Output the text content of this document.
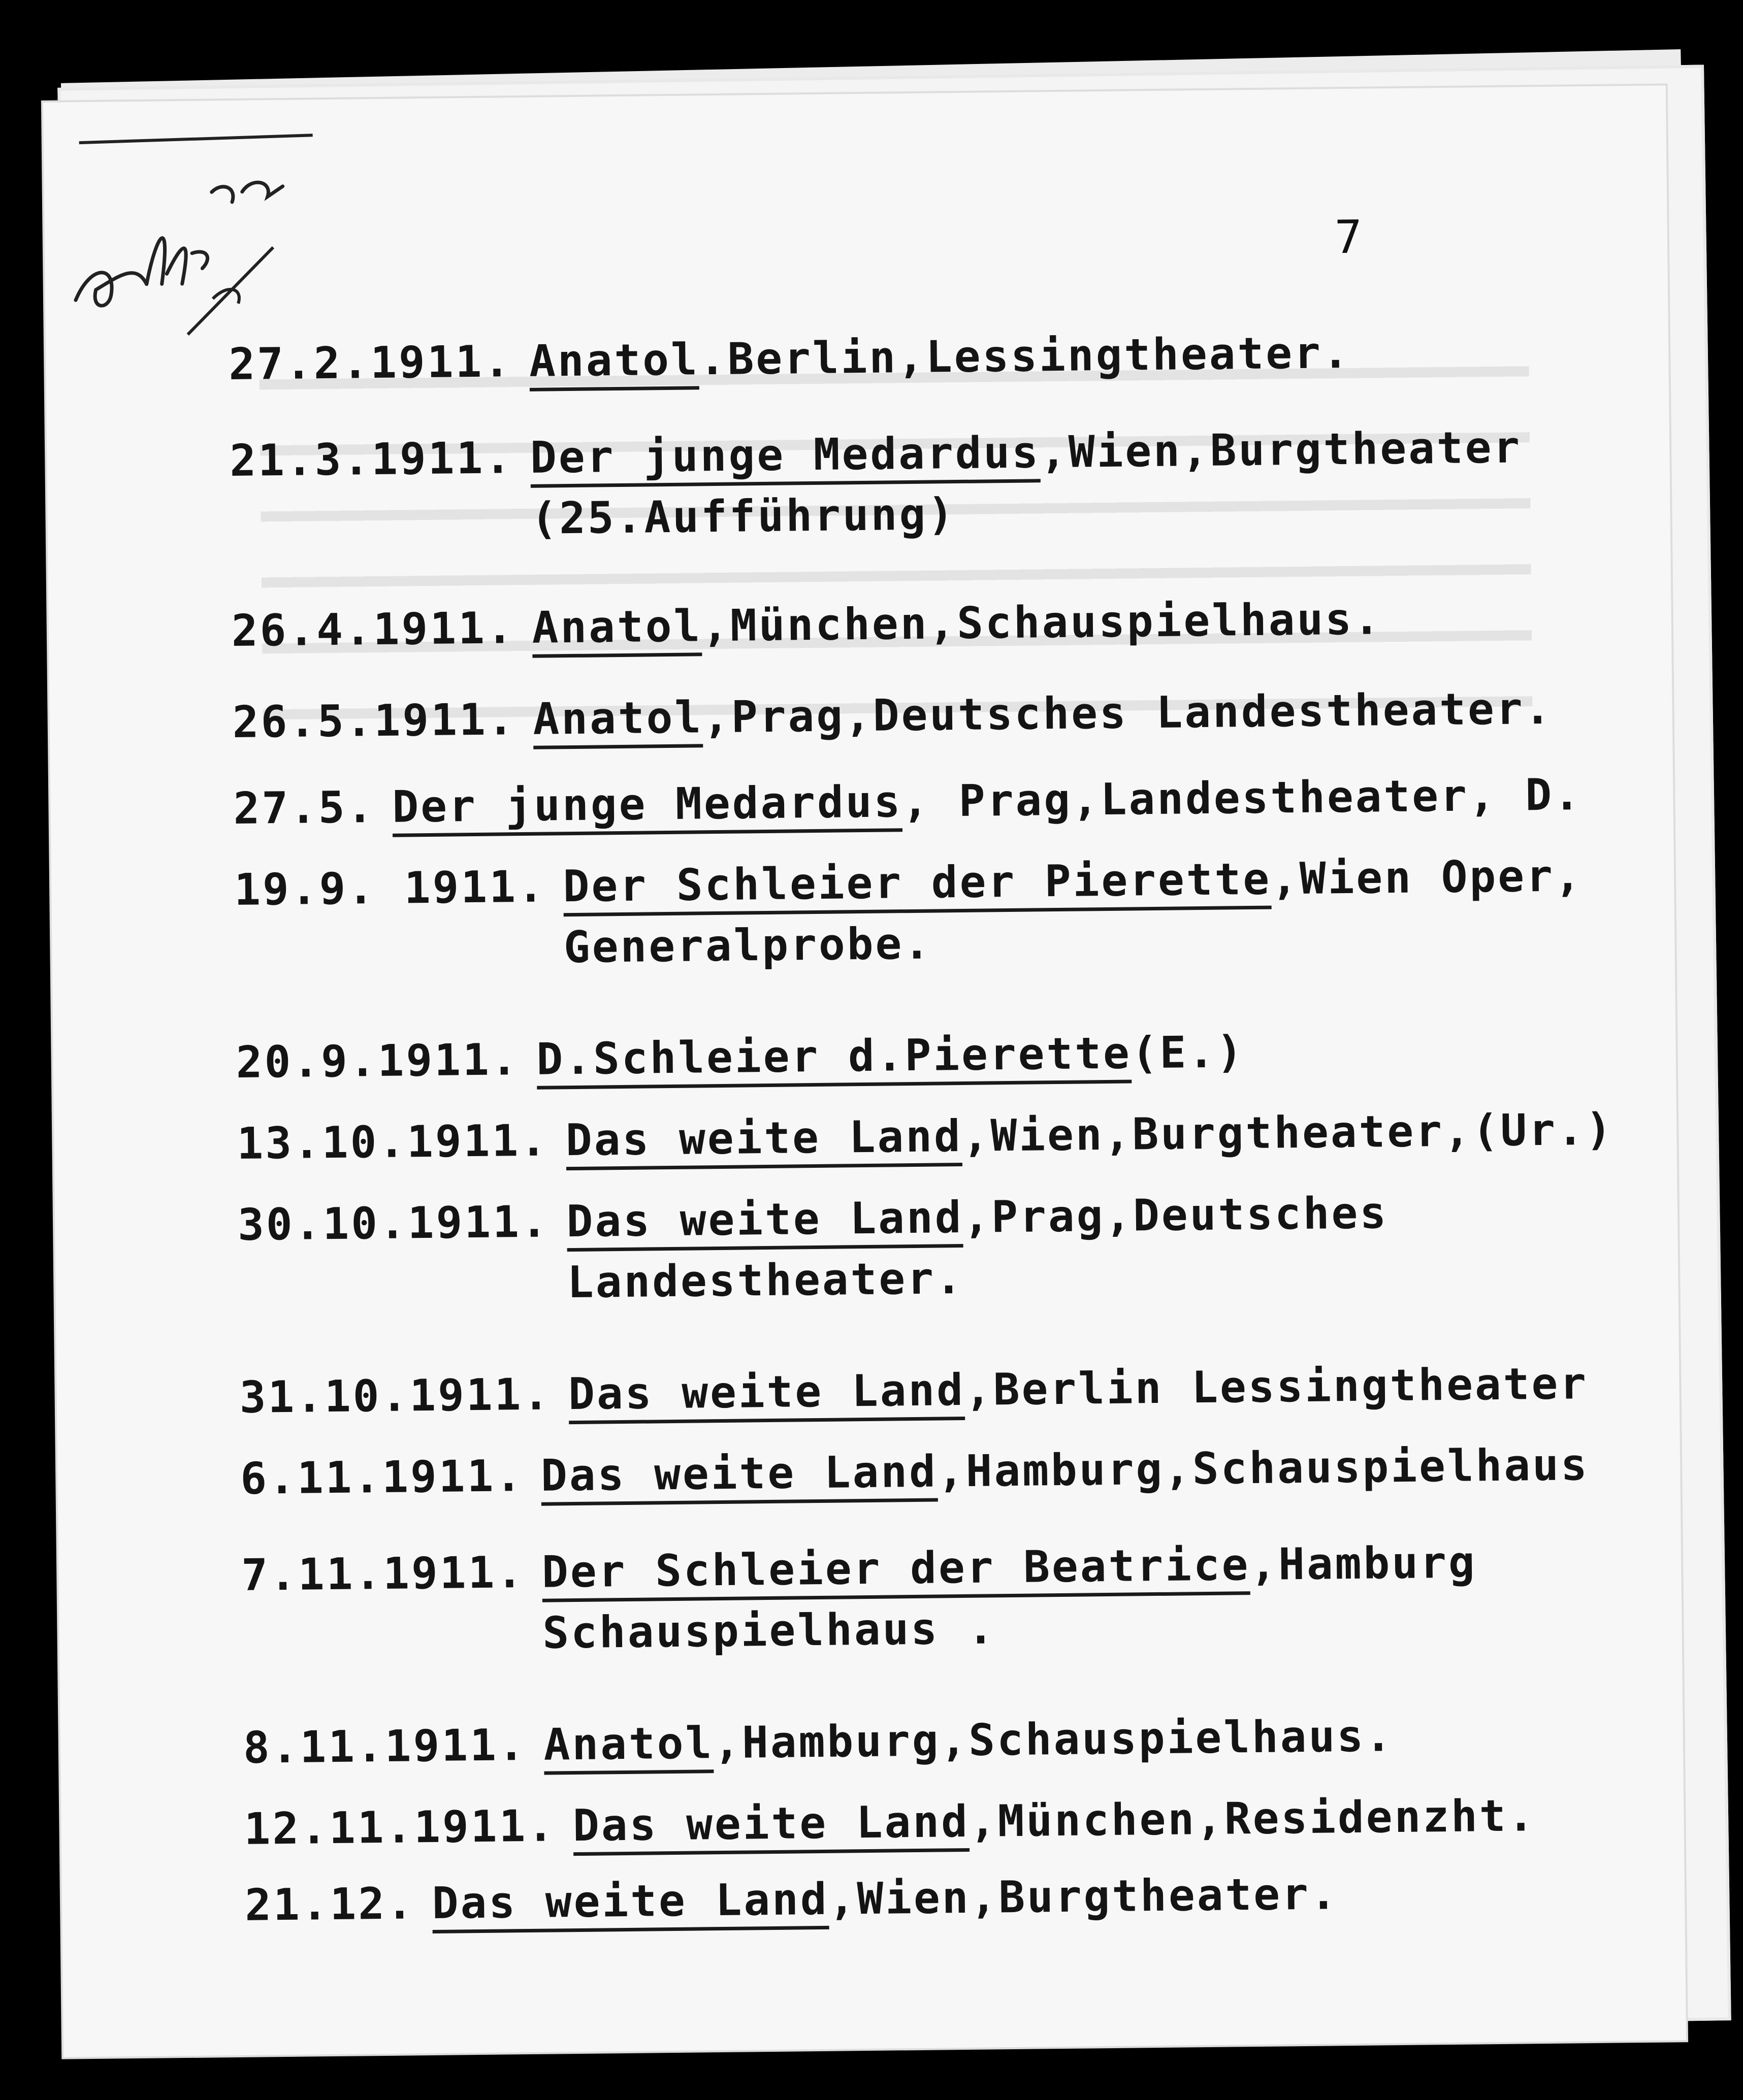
7
27.2.1911. Anatol.Berlin,Lessingtheater.
21.3.1911. Der junge Medardus,Wien,Burgtheater
(25.Aufführung)
26.4.1911. Anatol,München,Schauspielhaus.
26.5.1911. Anatol,Prag,Deutsches Landestheater.
27.5. Der junge Medardus, Prag,Landestheater, D.
19.9. 1911. Der Schleier der Pierette,Wien Oper,
Generalprobe.
20.9.1911. D.Schleier d.Pierette(E.)
13.10.1911. Das weite Land,Wien,Burgtheater,(Ur.)
30.10.1911. Das weite Land,Prag,Deutsches
Landestheater.
31.10.1911. Das weite Land,Berlin Lessingtheater
6.11.1911. Das weite Land,Hamburg,Schauspielhaus
7.11.1911. Der Schleier der Beatrice,Hamburg
Schauspielhaus .
8.11.1911. Anatol,Hamburg,Schauspielhaus.
12.11.1911. Das weite Land,München,Residenzht.
21.12. Das weite Land,Wien,Burgtheater.
